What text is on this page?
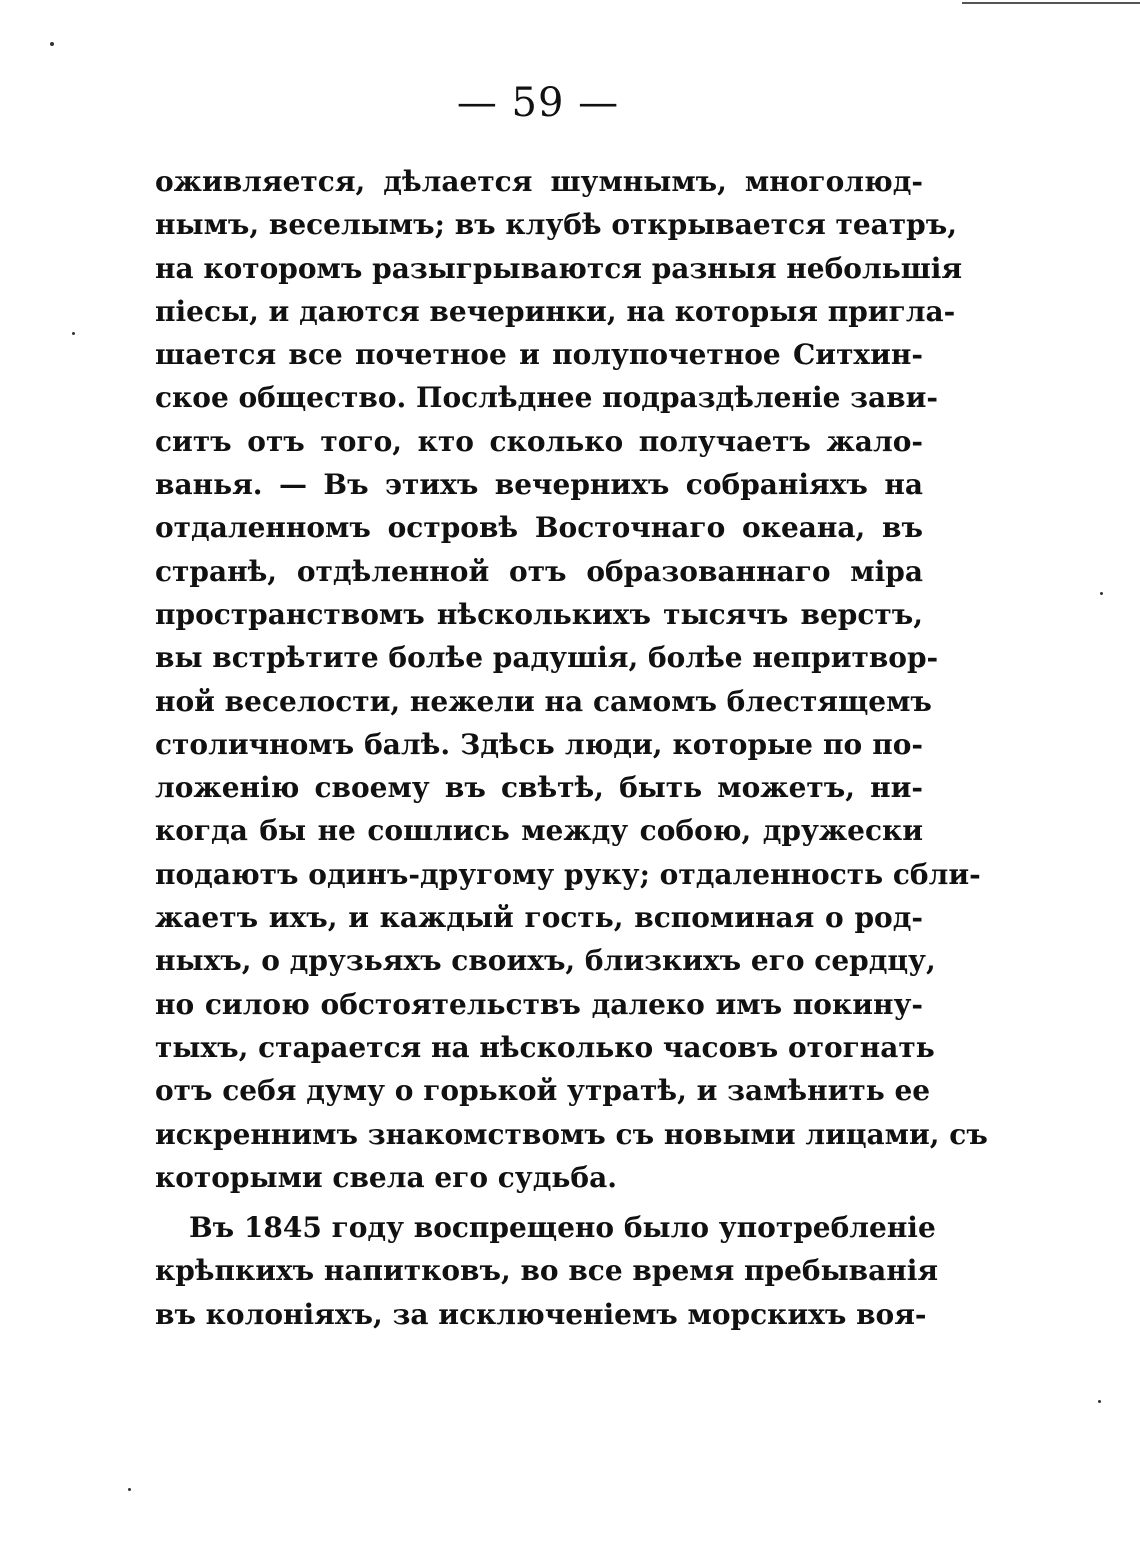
— 59 —
оживляется, дѣлается шумнымъ, многолюд-
нымъ, веселымъ; въ клубѣ открывается театръ,
на которомъ разыгрываются разныя небольшія
піесы, и даются вечеринки, на которыя пригла-
шается все почетное и полупочетное Ситхин-
ское общество. Послѣднее подраздѣленіе зави-
ситъ отъ того, кто сколько получаетъ жало-
ванья. — Въ этихъ вечернихъ собраніяхъ на
отдаленномъ островѣ Восточнаго океана, въ
странѣ, отдѣленной отъ образованнаго міра
пространствомъ нѣсколькихъ тысячъ верстъ,
вы встрѣтите болѣе радушія, болѣе непритвор-
ной веселости, нежели на самомъ блестящемъ
столичномъ балѣ. Здѣсь люди, которые по по-
ложенію своему въ свѣтѣ, быть можетъ, ни-
когда бы не сошлись между собою, дружески
подаютъ одинъ-другому руку; отдаленность сбли-
жаетъ ихъ, и каждый гость, вспоминая о род-
ныхъ, о друзьяхъ своихъ, близкихъ его сердцу,
но силою обстоятельствъ далеко имъ покину-
тыхъ, старается на нѣсколько часовъ отогнать
отъ себя думу о горькой утратѣ, и замѣнить ее
искреннимъ знакомствомъ съ новыми лицами, съ
которыми свела его судьба.
Въ 1845 году воспрещено было употребленіе
крѣпкихъ напитковъ, во все время пребыванія
въ колоніяхъ, за исключеніемъ морскихъ воя-
